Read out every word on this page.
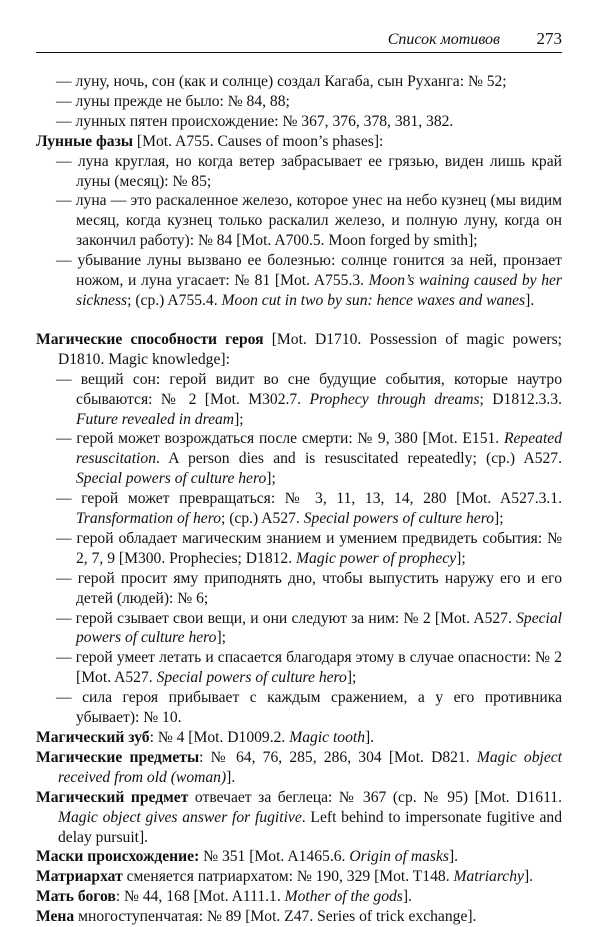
Список мотивов 273

— луну, ночь, сон (как и солнце) создал Кагаба, сын Руханга: № 52;

— луны прежде не было: № 84, 88;

— лунных пятен происхождение: № 367, 376, 378, 381, 382.

Лунные фазы [Mot. A755. Causes of moon’s phases]:

— луна круглая, но когда ветер забрасывает ее грязью, виден лишь край луны (месяц): № 85;

— луна — это раскаленное железо, которое унес на небо кузнец (мы видим месяц, когда кузнец только раскалил железо, и полную луну, когда он закончил работу): № 84 [Mot. A700.5. Moon forged by smith];

— убывание луны вызвано ее болезнью: солнце гонится за ней, пронзает ножом, и луна угасает: № 81 [Mot. A755.3. Moon’s waining caused by her sickness; (ср.) A755.4. Moon cut in two by sun: hence waxes and wanes].

Магические способности героя [Mot. D1710. Possession of magic powers; D1810. Magic knowledge]:

— вещий сон: герой видит во сне будущие события, которые наутро сбываются: № 2 [Mot. M302.7. Prophecy through dreams; D1812.3.3. Future revealed in dream];

— герой может возрождаться после смерти: № 9, 380 [Mot. E151. Repeated resuscitation. A person dies and is resuscitated repeatedly; (ср.) A527. Special powers of culture hero];

— герой может превращаться: № 3, 11, 13, 14, 280 [Mot. A527.3.1. Transformation of hero; (ср.) A527. Special powers of culture hero];

— герой обладает магическим знанием и умением предвидеть события: № 2, 7, 9 [M300. Prophecies; D1812. Magic power of prophecy];

— герой просит яму приподнять дно, чтобы выпустить наружу его и его детей (людей): № 6;

— герой сзывает свои вещи, и они следуют за ним: № 2 [Mot. A527. Special powers of culture hero];

— герой умеет летать и спасается благодаря этому в случае опасности: № 2 [Mot. A527. Special powers of culture hero];

— сила героя прибывает с каждым сражением, а у его противника убывает): № 10.

Магический зуб: № 4 [Mot. D1009.2. Magic tooth].

Магические предметы: № 64, 76, 285, 286, 304 [Mot. D821. Magic object received from old (woman)].

Магический предмет отвечает за беглеца: № 367 (ср. № 95) [Mot. D1611. Magic object gives answer for fugitive. Left behind to impersonate fugitive and delay pursuit].

Маски происхождение: № 351 [Mot. A1465.6. Origin of masks].

Матриархат сменяется патриархатом: № 190, 329 [Mot. T148. Matriarchy].

Мать богов: № 44, 168 [Mot. A111.1. Mother of the gods].

Мена многоступенчатая: № 89 [Mot. Z47. Series of trick exchange].
